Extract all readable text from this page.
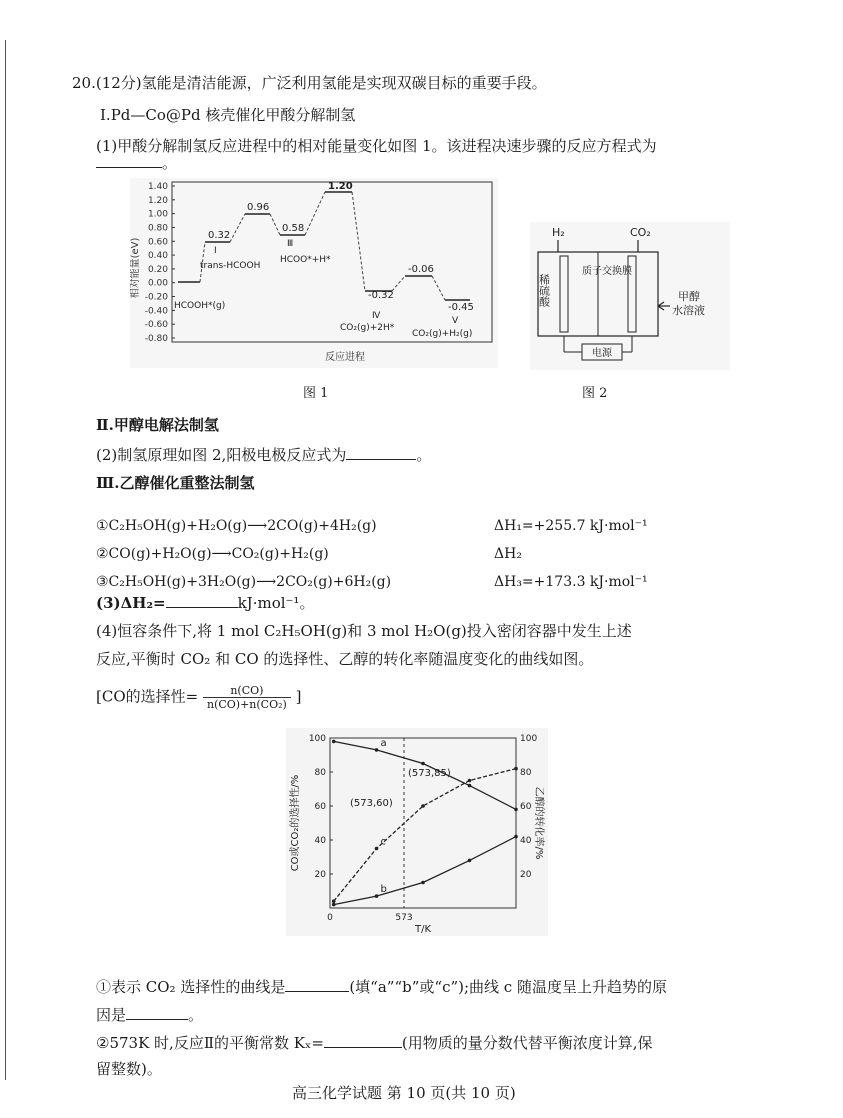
20.(12分)氢能是清洁能源，广泛利用氢能是实现双碳目标的重要手段。
Ⅰ.Pd—Co@Pd 核壳催化甲酸分解制氢
(1)甲酸分解制氢反应进程中的相对能量变化如图 1。该进程决速步骤的反应方程式为
。
1.40
1.20
1.00
0.80
0.60
0.40
0.20
0.00
-0.20
-0.40
-0.60
-0.80
相对能量(eV)
反应进程
0.32
0.96
0.58
1.20
-0.32
-0.06
-0.45
Ⅰ
Ⅲ
Ⅳ	Ⅴ
trans-HCOOH
HCOOH*(g)
HCOO*+H*
CO₂(g)+2H*
CO₂(g)+H₂(g)
图 1
H₂	CO₂
稀硫酸
质子交换膜
甲醇
水溶液
电源
图 2
Ⅱ.甲醇电解法制氢
(2)制氢原理如图 2,阳极电极反应式为	。
Ⅲ.乙醇催化重整法制氢
①C₂H₅OH(g)+H₂O(g)⟶2CO(g)+4H₂(g)	ΔH₁=+255.7 kJ·mol⁻¹
②CO(g)+H₂O(g)⟶CO₂(g)+H₂(g)	ΔH₂
③C₂H₅OH(g)+3H₂O(g)⟶2CO₂(g)+6H₂(g)	ΔH₃=+173.3 kJ·mol⁻¹
(3)ΔH₂=	kJ·mol⁻¹。
(4)恒容条件下,将 1 mol C₂H₅OH(g)和 3 mol H₂O(g)投入密闭容器中发生上述
反应,平衡时 CO₂ 和 CO 的选择性、乙醇的转化率随温度变化的曲线如图。
[CO的选择性= $\frac{n(CO)}{\text{n(CO)+n(CO₂)}}$ ]
CO或CO₂的选择性/%	乙醇的转化率/%
T/K
20	20
40	40
60	60
80	80
100	100
0	573
a
b
c
(573,85)
(573,60)
①表示 CO₂ 选择性的曲线是	(填“a”“b”或“c”);曲线 c 随温度呈上升趋势的原
因是	。
②573K 时,反应Ⅱ的平衡常数 Kₓ=	(用物质的量分数代替平衡浓度计算,保
留整数)。
高三化学试题 第 10 页(共 10 页)
